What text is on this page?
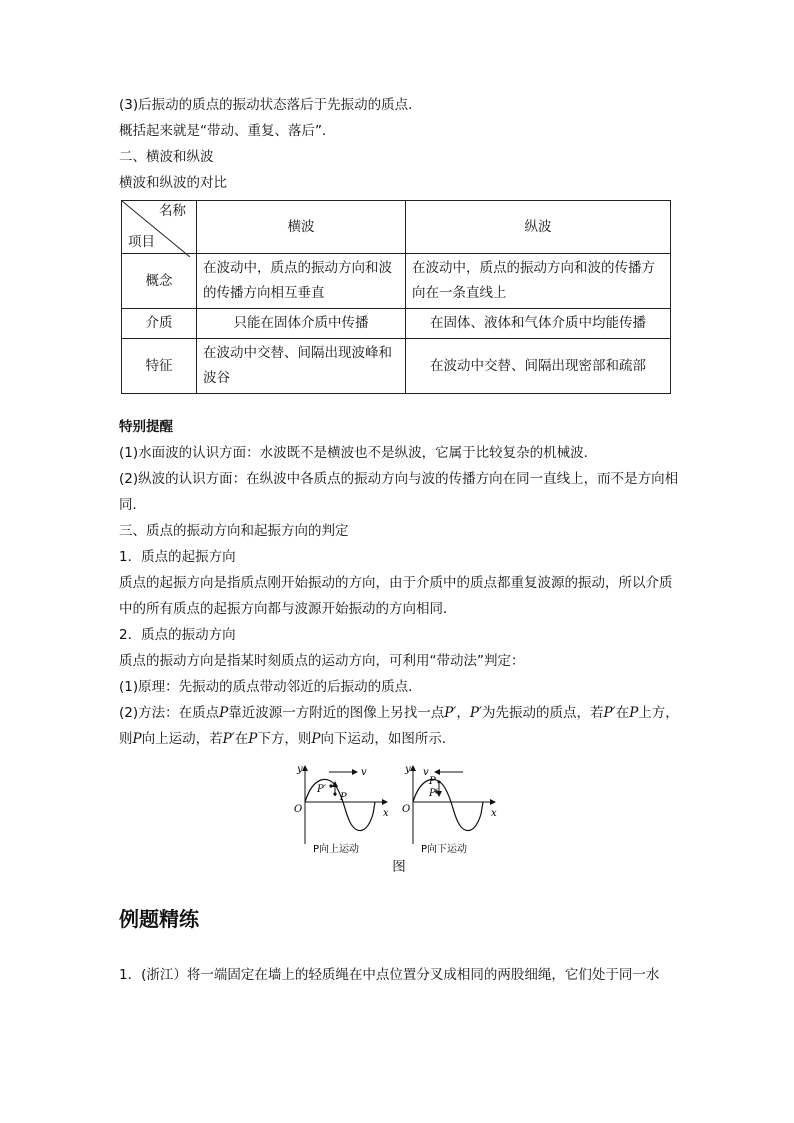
(3)后振动的质点的振动状态落后于先振动的质点．
概括起来就是“带动、重复、落后”．
二、横波和纵波
横波和纵波的对比
名称
项目	横波	纵波
概念	在波动中，质点的振动方向和波的传播方向相互垂直	在波动中，质点的振动方向和波的传播方向在一条直线上
介质	只能在固体介质中传播	在固体、液体和气体介质中均能传播
特征	在波动中交替、间隔出现波峰和波谷	在波动中交替、间隔出现密部和疏部
特别提醒
(1)水面波的认识方面：水波既不是横波也不是纵波，它属于比较复杂的机械波．
(2)纵波的认识方面：在纵波中各质点的振动方向与波的传播方向在同一直线上，而不是方向相同．
三、质点的振动方向和起振方向的判定
1．质点的起振方向
质点的起振方向是指质点刚开始振动的方向，由于介质中的质点都重复波源的振动，所以介质中的所有质点的起振方向都与波源开始振动的方向相同．
2．质点的振动方向
质点的振动方向是指某时刻质点的运动方向，可利用“带动法”判定：
(1)原理：先振动的质点带动邻近的后振动的质点．
(2)方法：在质点P靠近波源一方附近的图像上另找一点P′，P′为先振动的质点，若P′在P上方，则P向上运动，若P′在P下方，则P向下运动，如图所示．
y
x
O
v
P′
P
P向上运动
y
x
O
v
P
P′
P向下运动
图
例题精练
1．(浙江）将一端固定在墙上的轻质绳在中点位置分叉成相同的两股细绳，它们处于同一水
